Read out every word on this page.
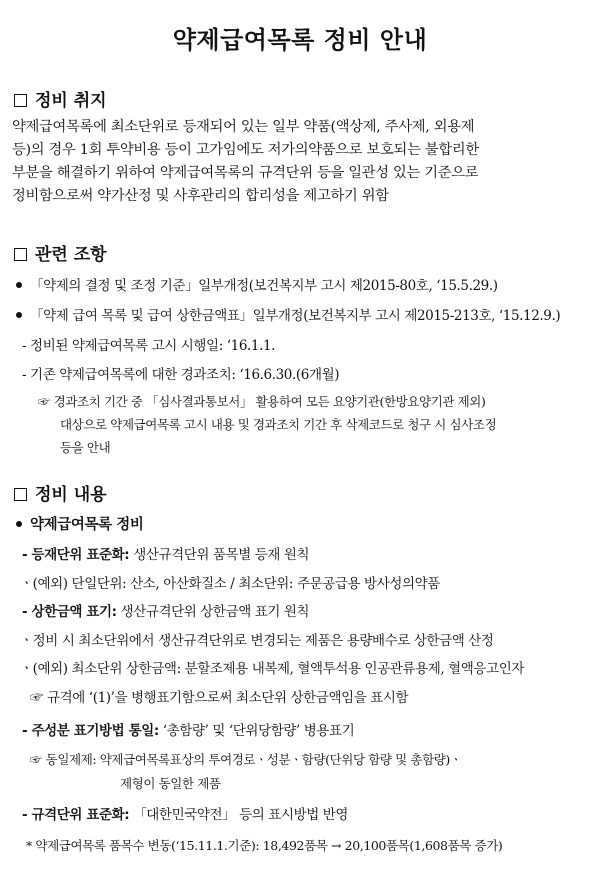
약제급여목록 정비 안내
정비 취지
약제급여목록에 최소단위로 등재되어 있는 일부 약품(액상제, 주사제, 외용제
등)의 경우 1회 투약비용 등이 고가임에도 저가의약품으로 보호되는 불합리한
부분을 해결하기 위하여 약제급여목록의 규격단위 등을 일관성 있는 기준으로
정비함으로써 약가산정 및 사후관리의 합리성을 제고하기 위함
관련 조항
「약제의 결정 및 조정 기준」일부개정(보건복지부 고시 제2015-80호, ‘15.5.29.)
「약제 급여 목록 및 급여 상한금액표」일부개정(보건복지부 고시 제2015-213호, ‘15.12.9.)
- 정비된 약제급여목록 고시 시행일: ‘16.1.1.
- 기존 약제급여목록에 대한 경과조치: ‘16.6.30.(6개월)
☞ 경과조치 기간 중 「심사결과통보서」 활용하여 모든 요양기관(한방요양기관 제외)
대상으로 약제급여목록 고시 내용 및 경과조치 기간 후 삭제코드로 청구 시 심사조정
등을 안내
정비 내용
약제급여목록 정비
- 등재단위 표준화: 생산규격단위 품목별 등재 원칙
ㆍ(예외) 단일단위: 산소, 아산화질소 / 최소단위: 주문공급용 방사성의약품
- 상한금액 표기: 생산규격단위 상한금액 표기 원칙
ㆍ정비 시 최소단위에서 생산규격단위로 변경되는 제품은 용량배수로 상한금액 산정
ㆍ(예외) 최소단위 상한금액: 분할조제용 내복제, 혈액투석용 인공관류용제, 혈액응고인자
☞ 규격에 ‘(1)’을 병행표기함으로써 최소단위 상한금액임을 표시함
- 주성분 표기방법 통일: ‘총함량’ 및 ‘단위당함량’ 병용표기
☞ 동일제제: 약제급여목록표상의 투여경로ㆍ성분ㆍ함량(단위당 함량 및 총함량)ㆍ
제형이 동일한 제품
- 규격단위 표준화: 「대한민국약전」 등의 표시방법 반영
* 약제급여목록 품목수 변동(‘15.11.1.기준): 18,492품목 → 20,100품목(1,608품목 증가)
